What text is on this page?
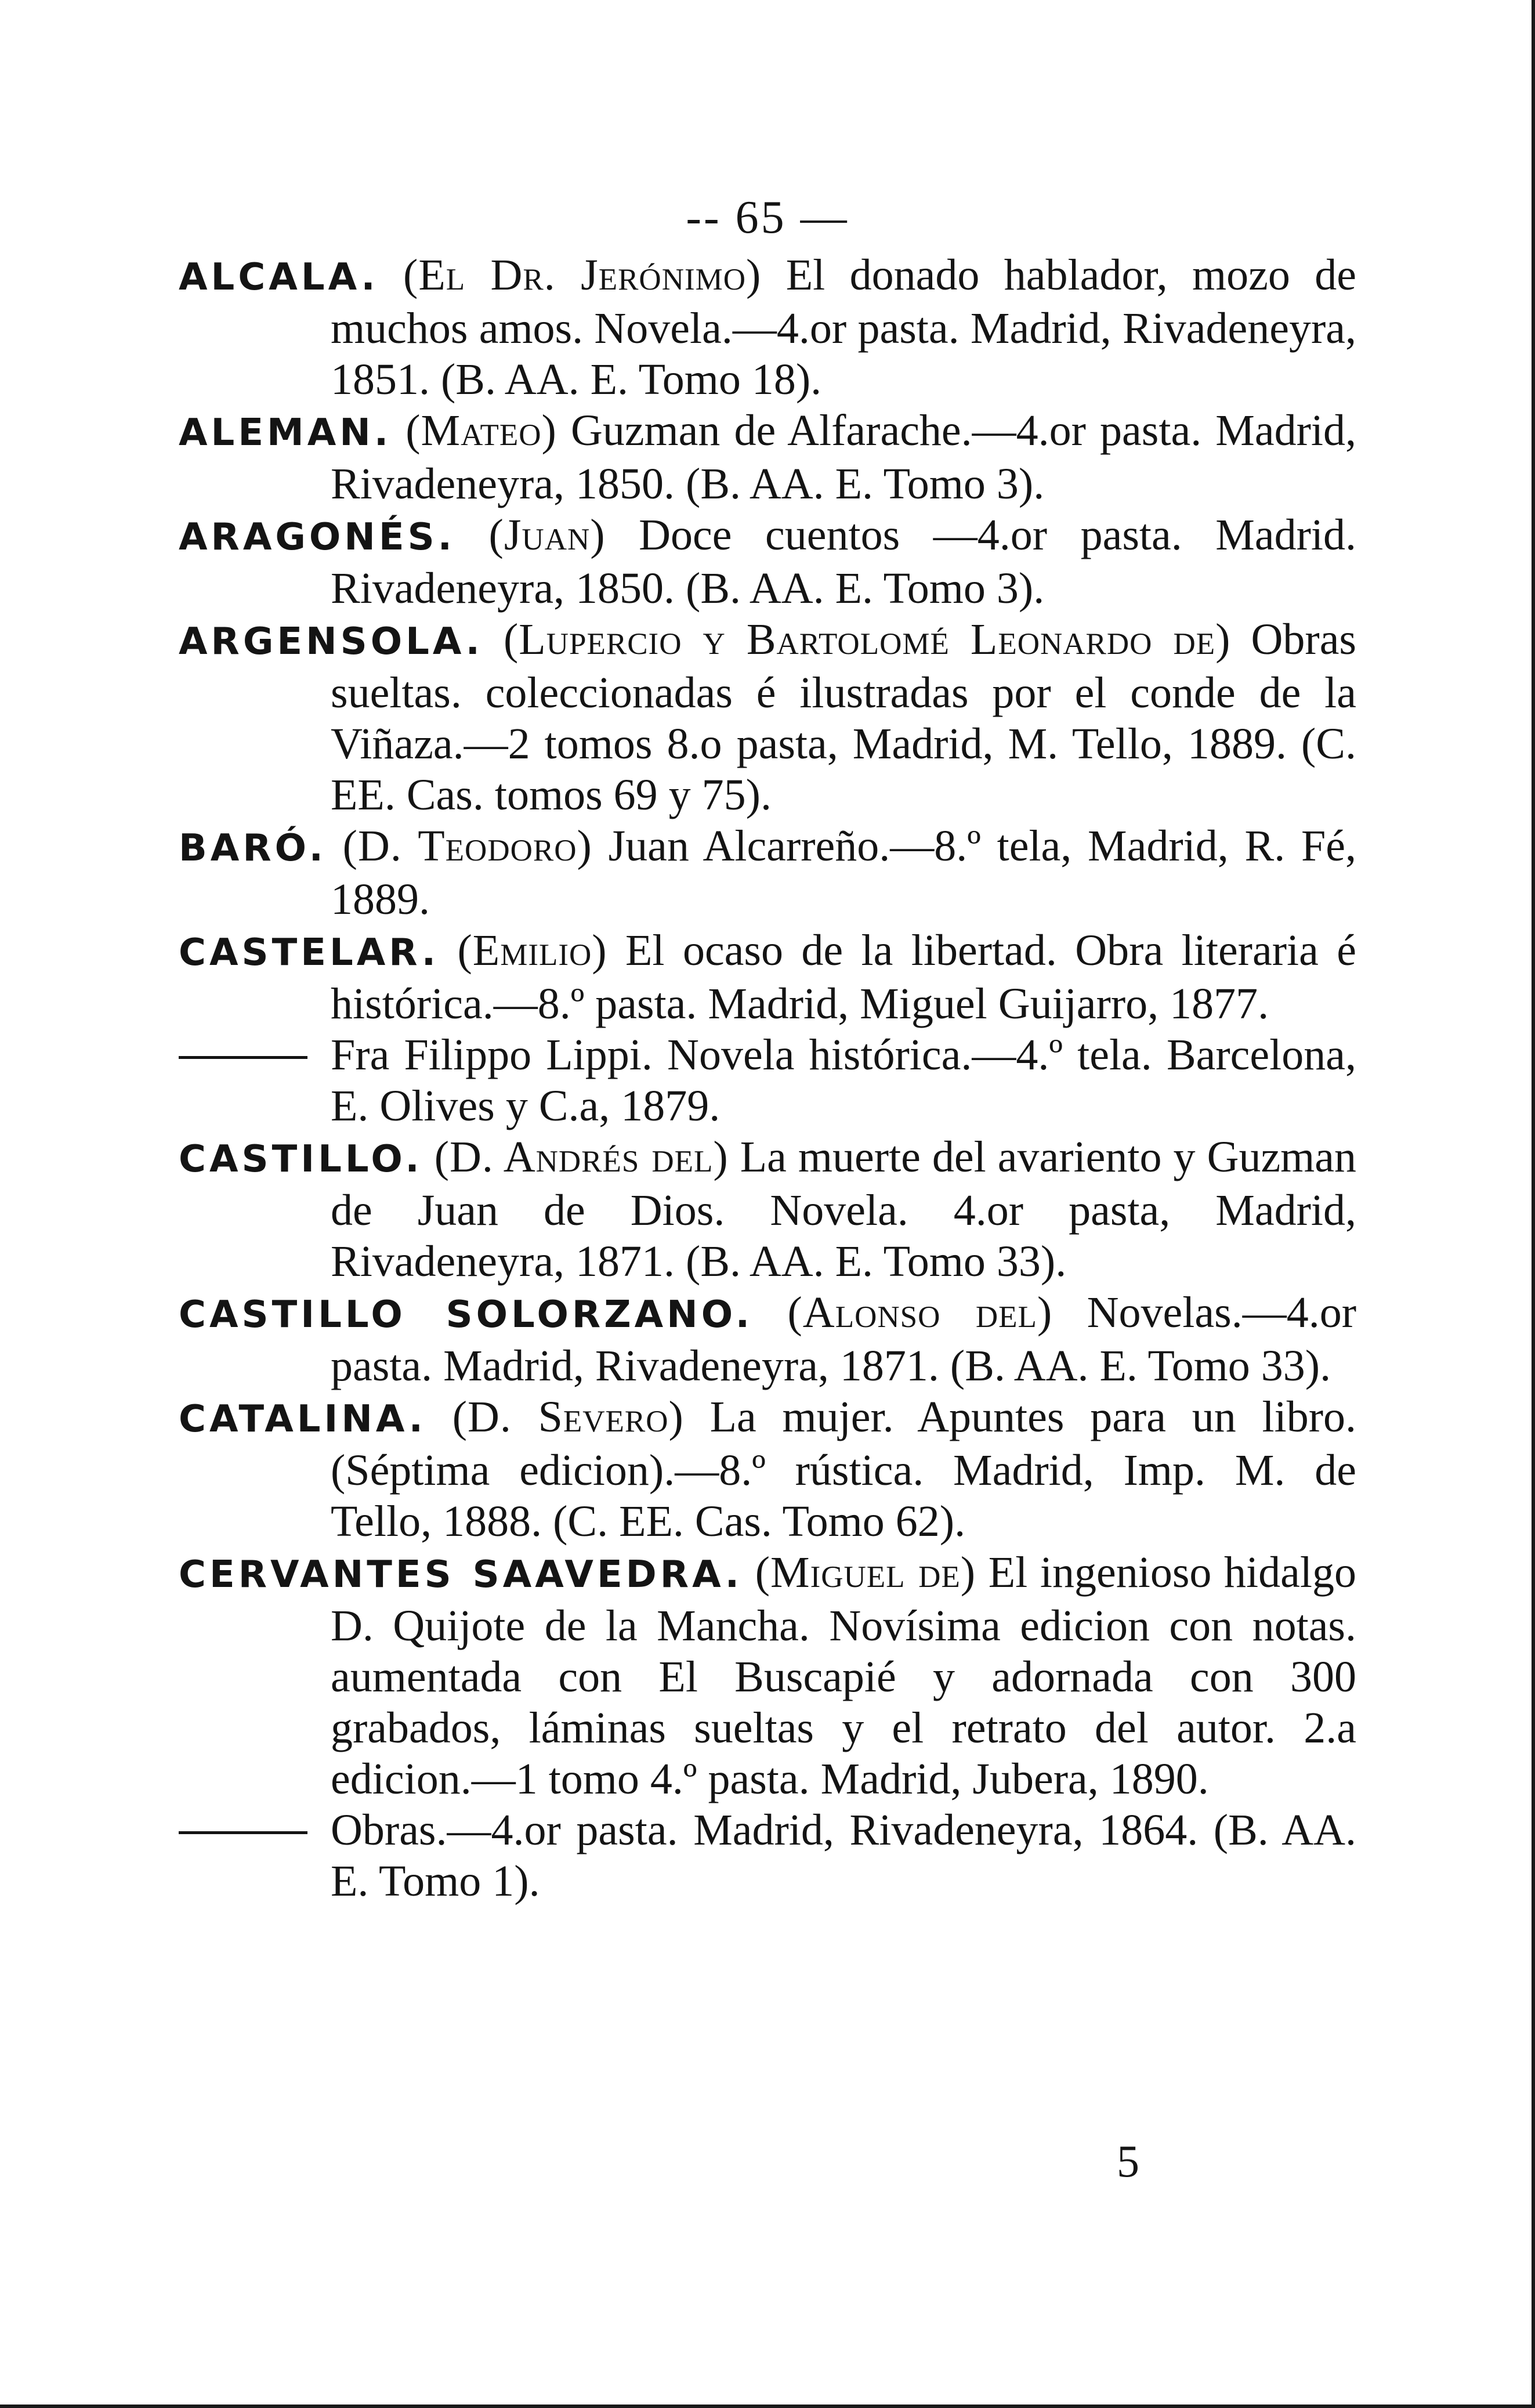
-- 65 —

ALCALA. (El Dr. Jerónimo) El donado hablador, mozo de muchos amos. Novela.—4.or pasta. Madrid, Rivadeneyra, 1851. (B. AA. E. Tomo 18).

ALEMAN. (Mateo) Guzman de Alfarache.—4.or pasta. Madrid, Rivadeneyra, 1850. (B. AA. E. Tomo 3).

ARAGONÉS. (Juan) Doce cuentos —4.or pasta. Madrid. Rivadeneyra, 1850. (B. AA. E. Tomo 3).

ARGENSOLA. (Lupercio y Bartolomé Leonardo de) Obras sueltas. coleccionadas é ilustradas por el conde de la Viñaza.—2 tomos 8.o pasta, Madrid, M. Tello, 1889. (C. EE. Cas. tomos 69 y 75).

BARÓ. (D. Teodoro) Juan Alcarreño.—8.º tela, Madrid, R. Fé, 1889.

CASTELAR. (Emilio) El ocaso de la libertad. Obra literaria é histórica.—8.º pasta. Madrid, Miguel Guijarro, 1877.

Fra Filippo Lippi. Novela histórica.—4.º tela. Barcelona, E. Olives y C.a, 1879.

CASTILLO. (D. Andrés del) La muerte del avariento y Guzman de Juan de Dios. Novela. 4.or pasta, Madrid, Rivadeneyra, 1871. (B. AA. E. Tomo 33).

CASTILLO SOLORZANO. (Alonso del) Novelas.—4.or pasta. Madrid, Rivadeneyra, 1871. (B. AA. E. Tomo 33).

CATALINA. (D. Severo) La mujer. Apuntes para un libro. (Séptima edicion).—8.º rústica. Madrid, Imp. M. de Tello, 1888. (C. EE. Cas. Tomo 62).

CERVANTES SAAVEDRA. (Miguel de) El ingenioso hidalgo D. Quijote de la Mancha. Novísima edicion con notas. aumentada con El Buscapié y adornada con 300 grabados, láminas sueltas y el retrato del autor. 2.a edicion.—1 tomo 4.º pasta. Madrid, Jubera, 1890.

Obras.—4.or pasta. Madrid, Rivadeneyra, 1864. (B. AA. E. Tomo 1).

5
